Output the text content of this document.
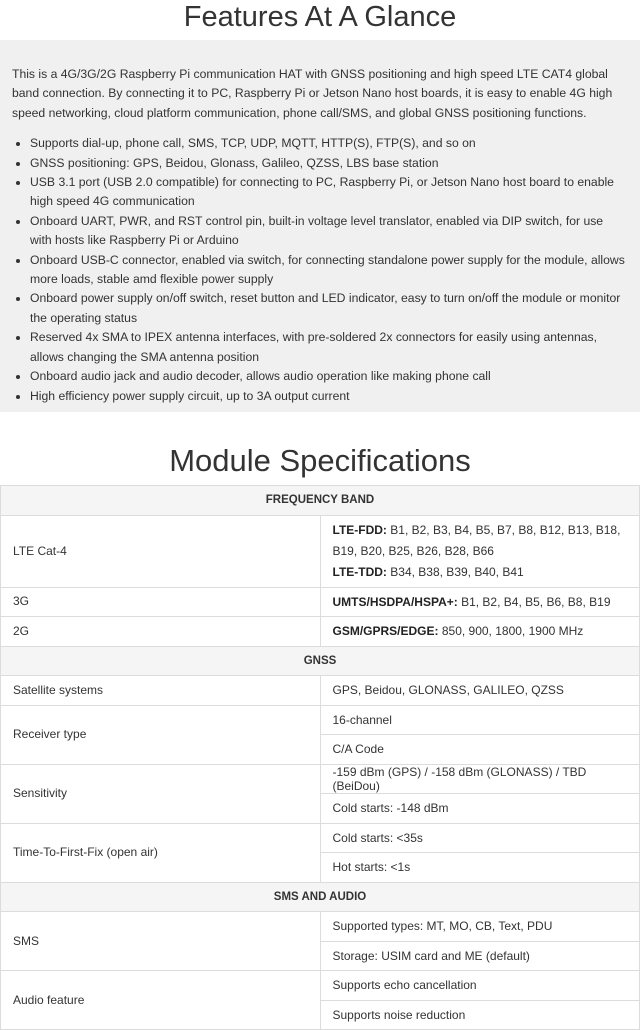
Features At A Glance

This is a 4G/3G/2G Raspberry Pi communication HAT with GNSS positioning and high speed LTE CAT4 global band connection. By connecting it to PC, Raspberry Pi or Jetson Nano host boards, it is easy to enable 4G high speed networking, cloud platform communication, phone call/SMS, and global GNSS positioning functions.

• Supports dial-up, phone call, SMS, TCP, UDP, MQTT, HTTP(S), FTP(S), and so on
• GNSS positioning: GPS, Beidou, Glonass, Galileo, QZSS, LBS base station
• USB 3.1 port (USB 2.0 compatible) for connecting to PC, Raspberry Pi, or Jetson Nano host board to enable high speed 4G communication
• Onboard UART, PWR, and RST control pin, built-in voltage level translator, enabled via DIP switch, for use with hosts like Raspberry Pi or Arduino
• Onboard USB-C connector, enabled via switch, for connecting standalone power supply for the module, allows more loads, stable amd flexible power supply
• Onboard power supply on/off switch, reset button and LED indicator, easy to turn on/off the module or monitor the operating status
• Reserved 4x SMA to IPEX antenna interfaces, with pre-soldered 2x connectors for easily using antennas, allows changing the SMA antenna position
• Onboard audio jack and audio decoder, allows audio operation like making phone call
• High efficiency power supply circuit, up to 3A output current
Module Specifications
FREQUENCY BAND	
LTE Cat-4	LTE-FDD: B1, B2, B3, B4, B5, B7, B8, B12, B13, B18, B19, B20, B25, B26, B28, B66
LTE-TDD: B34, B38, B39, B40, B41

3G	UMTS/HSDPA/HSPA+: B1, B2, B4, B5, B6, B8, B19
2G	GSM/GPRS/EDGE: 850, 900, 1800, 1900 MHz
GNSS	
Satellite systems	GPS, Beidou, GLONASS, GALILEO, QZSS
Receiver type	16-channel
	C/A Code
Sensitivity	-159 dBm (GPS) / -158 dBm (GLONASS) / TBD (BeiDou)
	Cold starts: -148 dBm
Time-To-First-Fix (open air)	Cold starts: <35s
	Hot starts: <1s
SMS AND AUDIO	
SMS	Supported types: MT, MO, CB, Text, PDU
	Storage: USIM card and ME (default)
Audio feature	Supports echo cancellation
	Supports noise reduction
